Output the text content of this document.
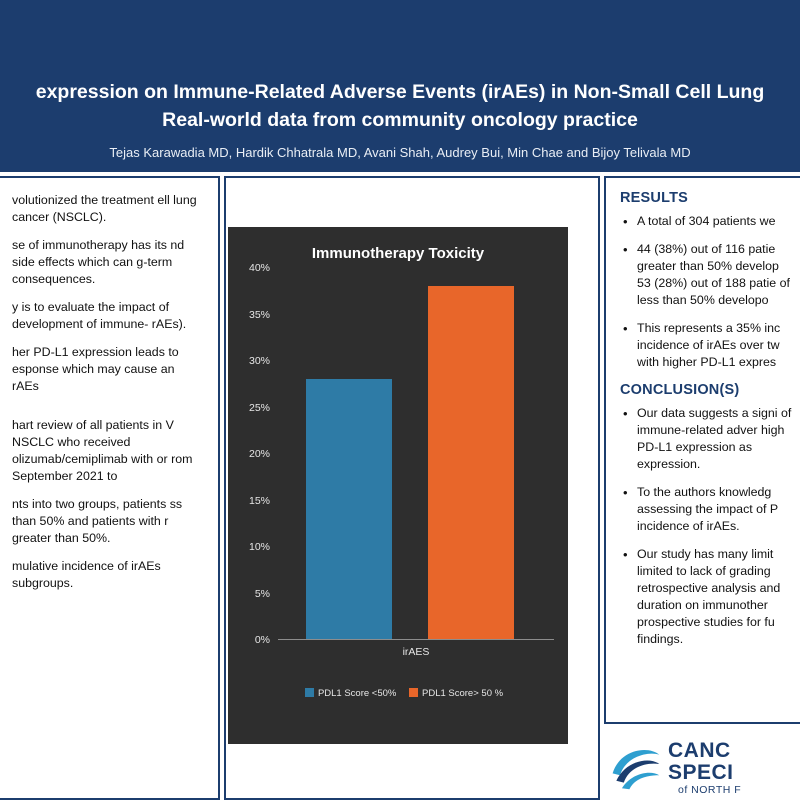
expression on Immune-Related Adverse Events (irAEs) in Non-Small Cell Lung
Real-world data from community oncology practice
Tejas Karawadia MD, Hardik Chhatrala MD, Avani Shah, Audrey Bui, Min Chae and Bijoy Telivala MD

volutionized the treatment ell lung cancer (NSCLC).

se of immunotherapy has its nd side effects which can g-term consequences.

y is to evaluate the impact of development of immune- rAEs).

her PD-L1 expression leads to esponse which may cause an rAEs

hart review of all patients in V NSCLC who received olizumab/cemiplimab with or rom September 2021 to

nts into two groups, patients ss than 50% and patients with r greater than 50%.

mulative incidence of irAEs subgroups.

Immunotherapy Toxicity
0%
5%
10%
15%
20%
25%
30%
35%
40%
irAES
PDL1 Score <50%	PDL1 Score> 50 %
RESULTS
• A total of 304 patients we
• 44 (38%) out of 116 patie greater than 50% develop 53 (28%) out of 188 patie of less than 50% developo
• This represents a 35% inc incidence of irAEs over tw with higher PD-L1 expres
CONCLUSION(S)
• Our data suggests a signi of immune-related adver high PD-L1 expression as expression.
• To the authors knowledg assessing the impact of P incidence of irAEs.
• Our study has many limit limited to lack of grading retrospective analysis and duration on immunother prospective studies for fu findings.
CANC
SPECI
of NORTH F
